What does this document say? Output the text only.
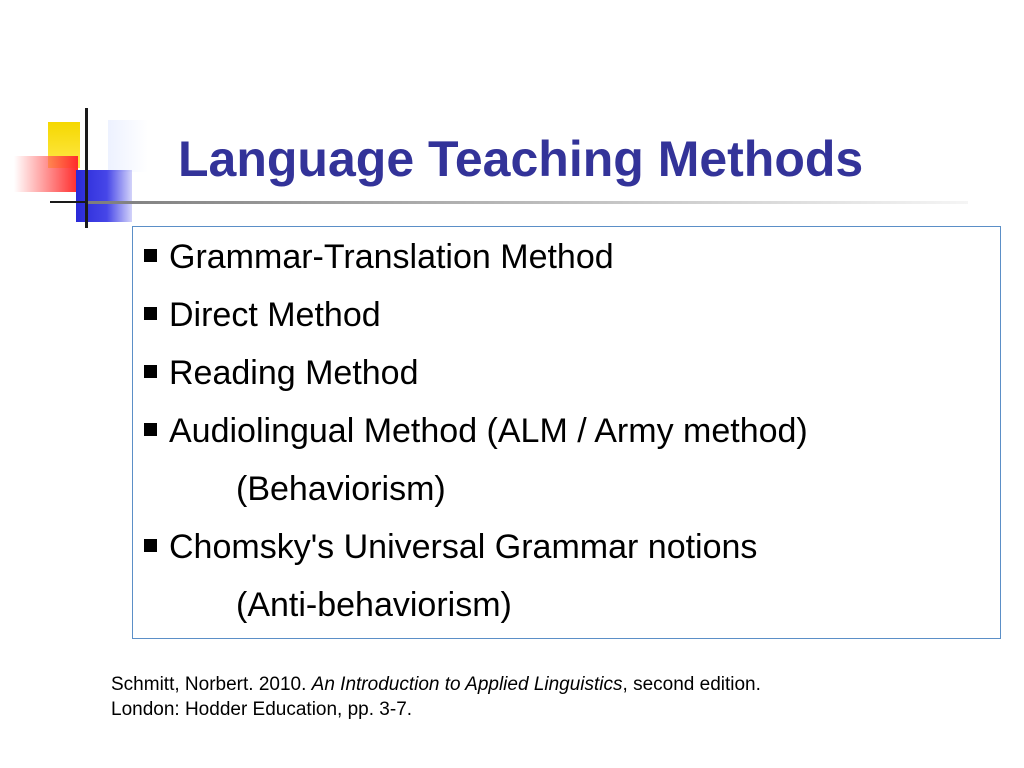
Language Teaching Methods
Grammar-Translation Method
Direct Method
Reading Method
Audiolingual Method (ALM / Army method)
(Behaviorism)
Chomsky's Universal Grammar notions
(Anti-behaviorism)
Schmitt, Norbert. 2010. An Introduction to Applied Linguistics, second edition.
London: Hodder Education, pp. 3-7.
